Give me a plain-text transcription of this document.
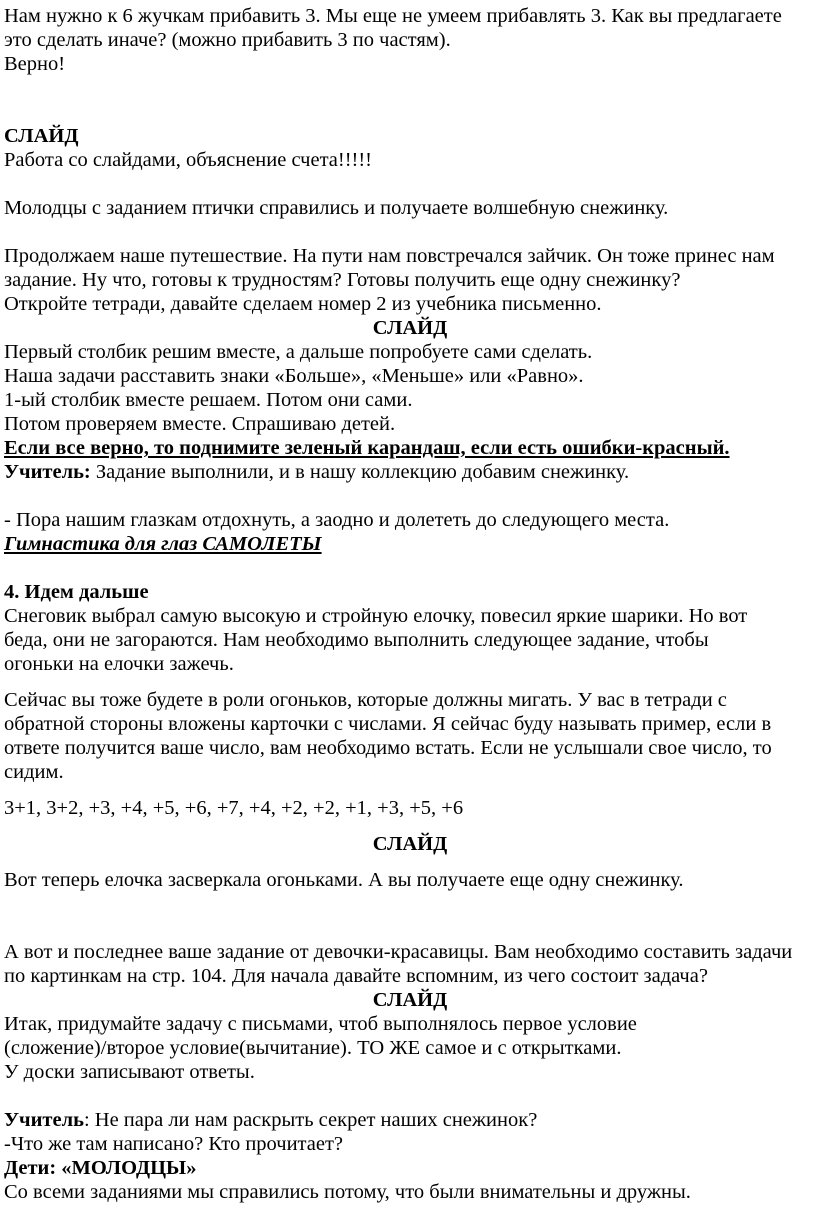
Нам нужно к 6 жучкам прибавить 3. Мы еще не умеем прибавлять 3. Как вы предлагаете
это сделать иначе? (можно прибавить 3 по частям).
Верно!
СЛАЙД
Работа со слайдами, объяснение счета!!!!!
Молодцы с заданием птички справились и получаете волшебную снежинку.
Продолжаем наше путешествие. На пути нам повстречался зайчик. Он тоже принес нам
задание. Ну что, готовы к трудностям? Готовы получить еще одну снежинку?
Откройте тетради, давайте сделаем номер 2 из учебника письменно.
СЛАЙД
Первый столбик решим вместе, а дальше попробуете сами сделать.
Наша задачи расставить знаки «Больше», «Меньше» или «Равно».
1-ый столбик вместе решаем. Потом они сами.
Потом проверяем вместе. Спрашиваю детей.
Если все верно, то поднимите зеленый карандаш, если есть ошибки-красный.
Учитель: Задание выполнили, и в нашу коллекцию добавим снежинку.
- Пора нашим глазкам отдохнуть, а заодно и долететь до следующего места.
Гимнастика для глаз САМОЛЕТЫ
4. Идем дальше
Снеговик выбрал самую высокую и стройную елочку, повесил яркие шарики. Но вот
беда, они не загораются. Нам необходимо выполнить следующее задание, чтобы
огоньки на елочки зажечь.
Сейчас вы тоже будете в роли огоньков, которые должны мигать. У вас в тетради с
обратной стороны вложены карточки с числами. Я сейчас буду называть пример, если в
ответе получится ваше число, вам необходимо встать. Если не услышали свое число, то
сидим.
3+1, 3+2, +3, +4, +5, +6, +7, +4, +2, +2, +1, +3, +5, +6
СЛАЙД
Вот теперь елочка засверкала огоньками. А вы получаете еще одну снежинку.
А вот и последнее ваше задание от девочки-красавицы. Вам необходимо составить задачи
по картинкам на стр. 104. Для начала давайте вспомним, из чего состоит задача?
СЛАЙД
Итак, придумайте задачу с письмами, чтоб выполнялось первое условие
(сложение)/второе условие(вычитание). ТО ЖЕ самое и с открытками.
У доски записывают ответы.
Учитель: Не пара ли нам раскрыть секрет наших снежинок?
-Что же там написано? Кто прочитает?
Дети: «МОЛОДЦЫ»
Со всеми заданиями мы справились потому, что были внимательны и дружны.
